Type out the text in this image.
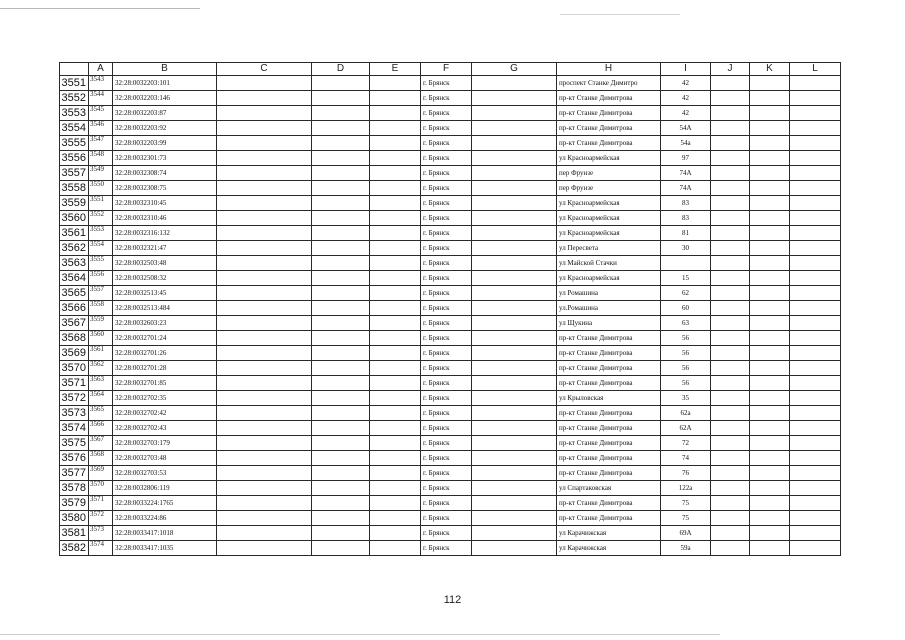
	A	B	C	D	E	F	G	H	I	J	K	L
3551	3543	32:28:0032203:101				г. Брянск		проспект Станке Димитро	42			
3552	3544	32:28:0032203:146				г. Брянск		пр-кт Станке Димитрова	42			
3553	3545	32:28:0032203:87				г. Брянск		пр-кт Станке Димитрова	42			
3554	3546	32:28:0032203:92				г. Брянск		пр-кт Станке Димитрова	54А			
3555	3547	32:28:0032203:99				г. Брянск		пр-кт Станке Димитрова	54а			
3556	3548	32:28:0032301:73				г. Брянск		ул Красноармейская	97			
3557	3549	32:28:0032308:74				г. Брянск		пер Фрунзе	74А			
3558	3550	32:28:0032308:75				г. Брянск		пер Фрунзе	74А			
3559	3551	32:28:0032310:45				г. Брянск		ул Красноармейская	83			
3560	3552	32:28:0032310:46				г. Брянск		ул Красноармейская	83			
3561	3553	32:28:0032316:132				г. Брянск		ул Красноармейская	81			
3562	3554	32:28:0032321:47				г. Брянск		ул Пересвета	30			
3563	3555	32:28:0032503:48				г. Брянск		ул Майской Стачки				
3564	3556	32:28:0032508:32				г. Брянск		ул Красноармейская	15			
3565	3557	32:28:0032513:45				г. Брянск		ул Ромашина	62			
3566	3558	32:28:0032513:484				г. Брянск		ул.Ромашина	60			
3567	3559	32:28:0032603:23				г. Брянск		ул Щукина	63			
3568	3560	32:28:0032701:24				г. Брянск		пр-кт Станке Димитрова	56			
3569	3561	32:28:0032701:26				г. Брянск		пр-кт Станке Димитрова	56			
3570	3562	32:28:0032701:28				г. Брянск		пр-кт Станке Димитрова	56			
3571	3563	32:28:0032701:85				г. Брянск		пр-кт Станке Димитрова	56			
3572	3564	32:28:0032702:35				г. Брянск		ул Крыловская	35			
3573	3565	32:28:0032702:42				г. Брянск		пр-кт Станке Димитрова	62а			
3574	3566	32:28:0032702:43				г. Брянск		пр-кт Станке Димитрова	62А			
3575	3567	32:28:0032703:179				г. Брянск		пр-кт Станке Димитрова	72			
3576	3568	32:28:0032703:48				г. Брянск		пр-кт Станке Димитрова	74			
3577	3569	32:28:0032703:53				г. Брянск		пр-кт Станке Димитрова	76			
3578	3570	32:28:0032806:119				г. Брянск		ул Спартаковская	122а			
3579	3571	32:28:0033224:1765				г. Брянск		пр-кт Станке Димитрова	75			
3580	3572	32:28:0033224:86				г. Брянск		пр-кт Станке Димитрова	75			
3581	3573	32:28:0033417:1018				г. Брянск		ул Карачижская	69А			
3582	3574	32:28:0033417:1035				г. Брянск		ул Карачижская	59а			
112
